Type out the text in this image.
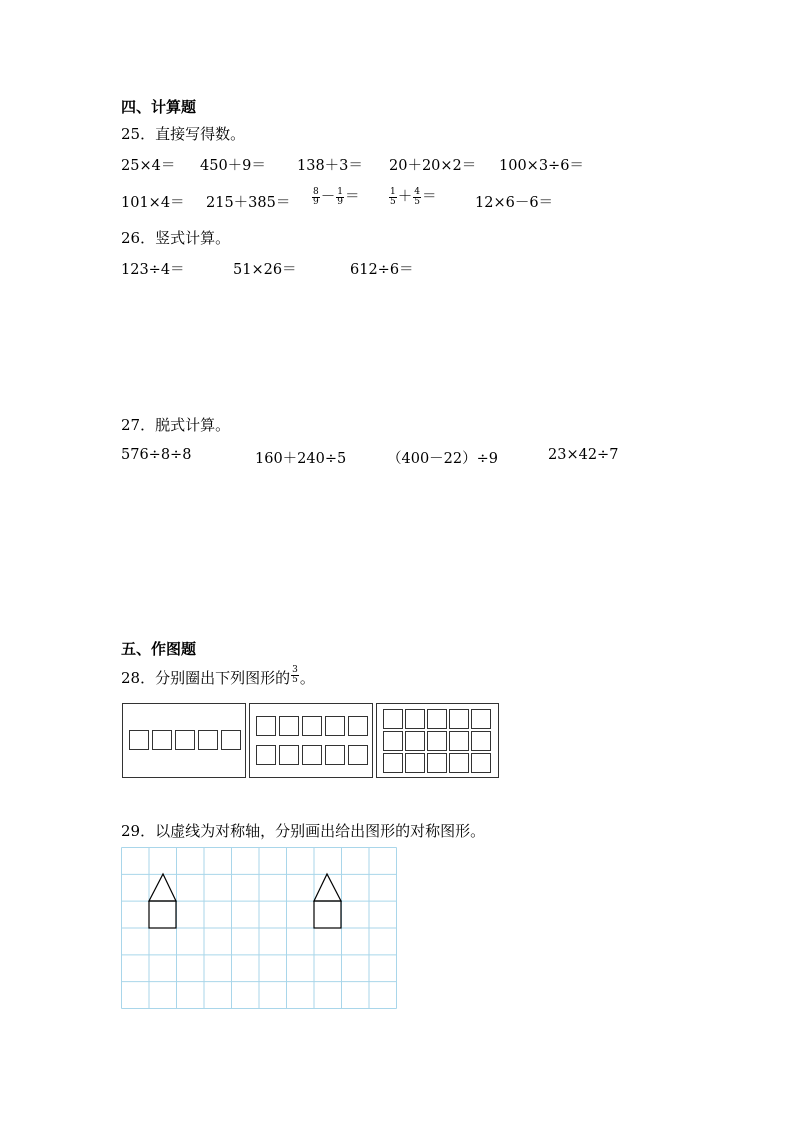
四、计算题
25．直接写得数。
25×4＝ 450＋9＝ 138＋3＝ 20＋20×2＝ 100×3÷6＝
$101\times 4= 215+385= \frac{8}{9} - \frac{1}{9}$ ＝	$\frac{1}{5} + \frac{4}{5}$ ＝	12×6－6＝
26．竖式计算。
123÷4＝	51×26＝	612÷6＝
27．脱式计算。
576÷8÷8	160＋240÷5	（400－22）÷9	23×42÷7
五、作图题
28．分别圈出下列图形的 $\frac{3}{5}$ 。
29．以虚线为对称轴，分别画出给出图形的对称图形。
